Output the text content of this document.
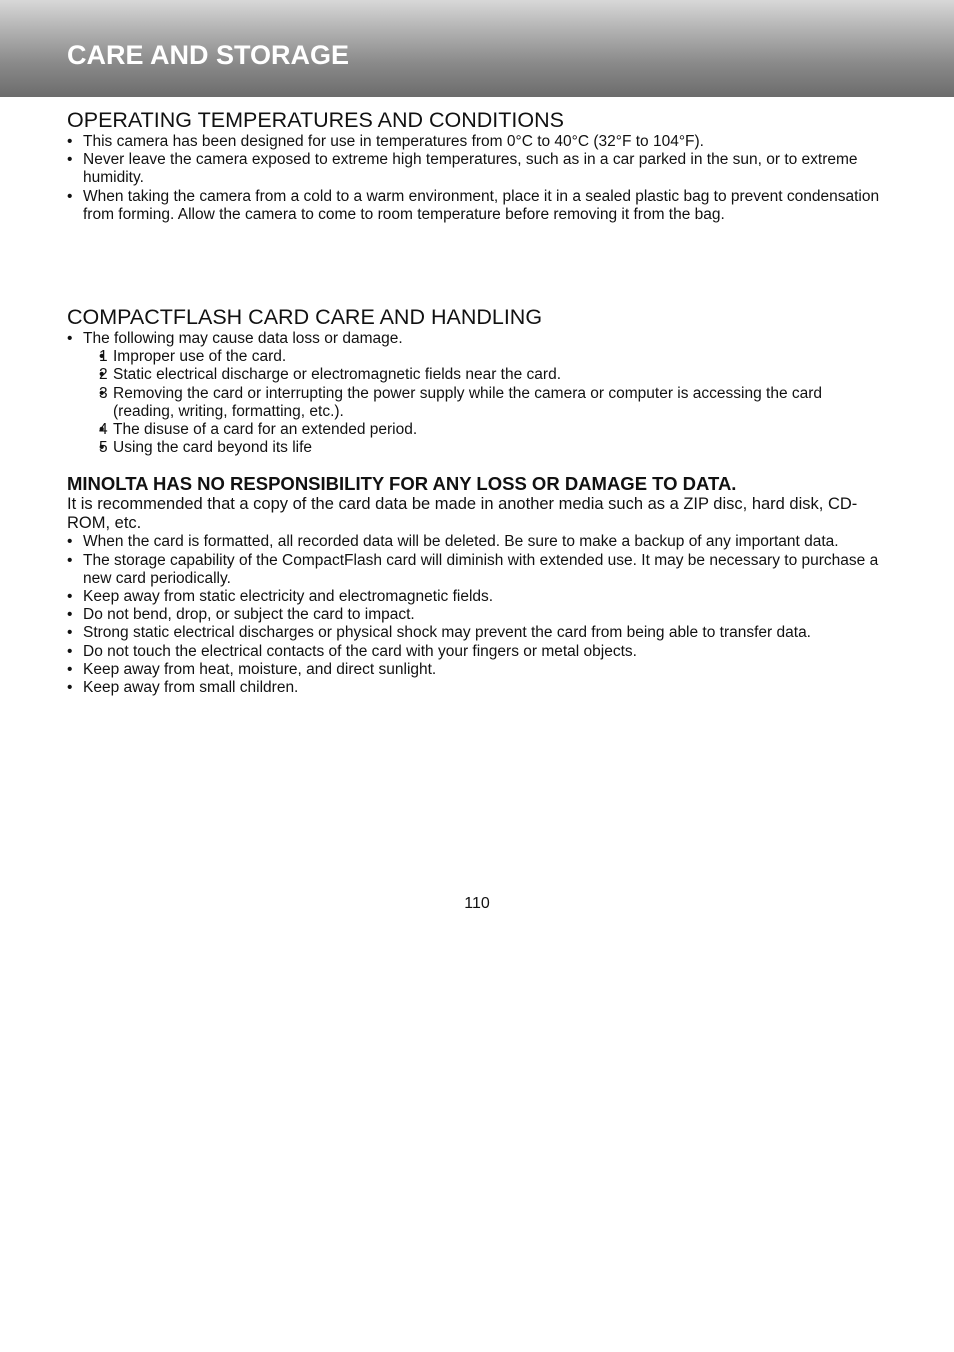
CARE AND STORAGE
OPERATING TEMPERATURES AND CONDITIONS
• This camera has been designed for use in temperatures from 0°C to 40°C (32°F to 104°F).
• Never leave the camera exposed to extreme high temperatures, such as in a car parked in the sun, or to extreme humidity.
• When taking the camera from a cold to a warm environment, place it in a sealed plastic bag to prevent condensation from forming. Allow the camera to come to room temperature before removing it from the bag.
COMPACTFLASH CARD CARE AND HANDLING
• The following may cause data loss or damage.
• 1 Improper use of the card.
• 2 Static electrical discharge or electromagnetic fields near the card.
• 3 Removing the card or interrupting the power supply while the camera or computer is accessing the card (reading, writing, formatting, etc.).
• 4 The disuse of a card for an extended period.
• 5 Using the card beyond its life
MINOLTA HAS NO RESPONSIBILITY FOR ANY LOSS OR DAMAGE TO DATA.

It is recommended that a copy of the card data be made in another media such as a ZIP disc, hard disk, CD-ROM, etc.

• When the card is formatted, all recorded data will be deleted. Be sure to make a backup of any important data.
• The storage capability of the CompactFlash card will diminish with extended use. It may be necessary to purchase a new card periodically.
• Keep away from static electricity and electromagnetic fields.
• Do not bend, drop, or subject the card to impact.
• Strong static electrical discharges or physical shock may prevent the card from being able to transfer data.
• Do not touch the electrical contacts of the card with your fingers or metal objects.
• Keep away from heat, moisture, and direct sunlight.
• Keep away from small children.
110
